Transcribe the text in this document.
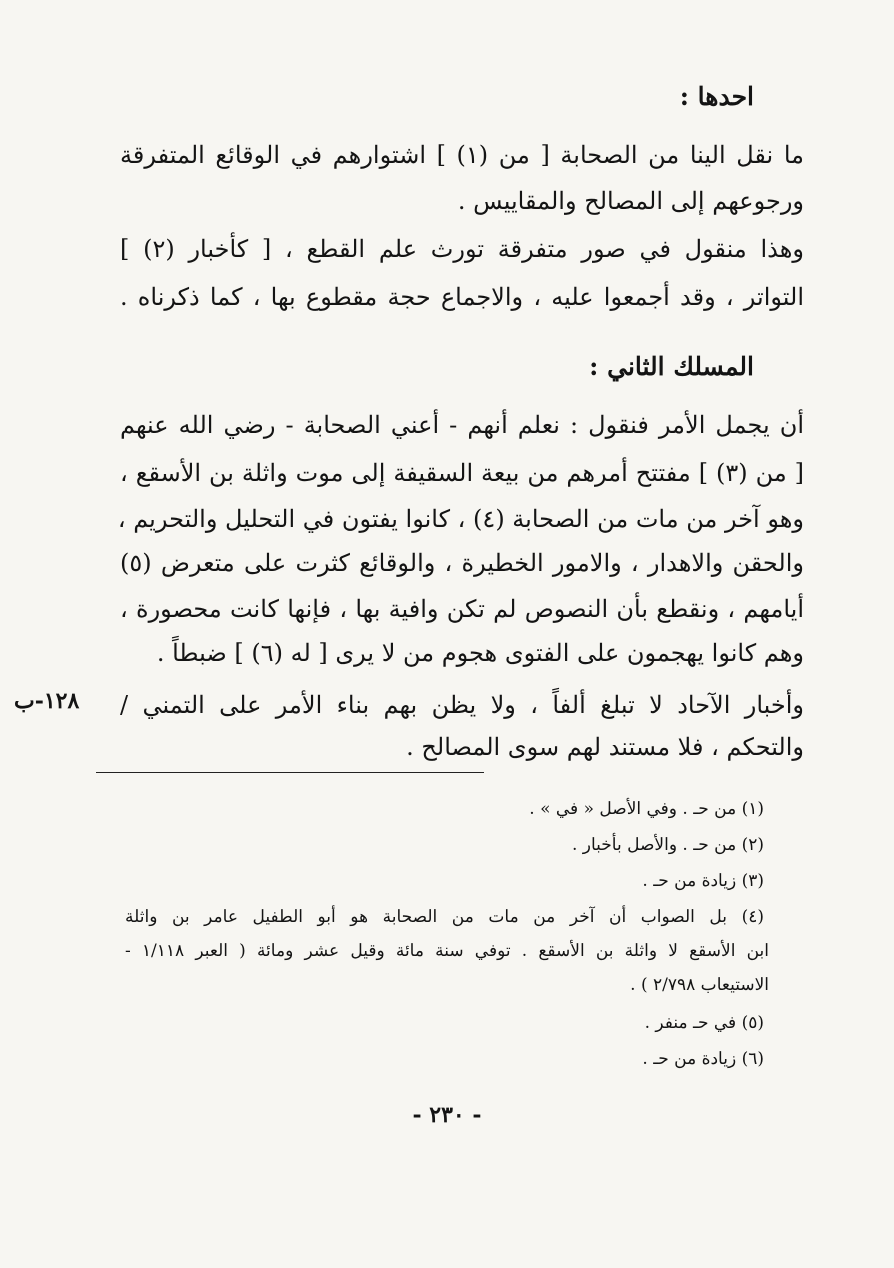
احدها :
ما نقل الينا من الصحابة [ من (١) ] اشتوارهم في الوقائع المتفرقة
ورجوعهم إلى المصالح والمقاييس .
وهذا منقول في صور متفرقة تورث علم القطع ، [ كأخبار (٢) ]
التواتر ، وقد أجمعوا عليه ، والاجماع حجة مقطوع بها ، كما ذكرناه .
المسلك الثاني :
أن يجمل الأمر فنقول : نعلم أنهم - أعني الصحابة - رضي الله عنهم
[ من (٣) ] مفتتح أمرهم من بيعة السقيفة إلى موت واثلة بن الأسقع ،
وهو آخر من مات من الصحابة (٤) ، كانوا يفتون في التحليل والتحريم ،
والحقن والاهدار ، والامور الخطيرة ، والوقائع كثرت على متعرض (٥)
أيامهم ، ونقطع بأن النصوص لم تكن وافية بها ، فإنها كانت محصورة ،
وهم كانوا يهجمون على الفتوى هجوم من لا يرى [ له (٦) ] ضبطاً .
وأخبار الآحاد لا تبلغ ألفاً ، ولا يظن بهم بناء الأمر على التمني /
والتحكم ، فلا مستند لهم سوى المصالح .
١٢٨-ب
(١) من حـ . وفي الأصل « في » .
(٢) من حـ . والأصل بأخبار .
(٣) زيادة من حـ .
(٤) بل الصواب أن آخر من مات من الصحابة هو أبو الطفيل عامر بن واثلة
ابن الأسقع لا واثلة بن الأسقع . توفي سنة مائة وقيل عشر ومائة ( العبر ١/١١٨ -
الاستيعاب ٢/٧٩٨ ) .
(٥) في حـ منفر .
(٦) زيادة من حـ .
- ٢٣٠ -
